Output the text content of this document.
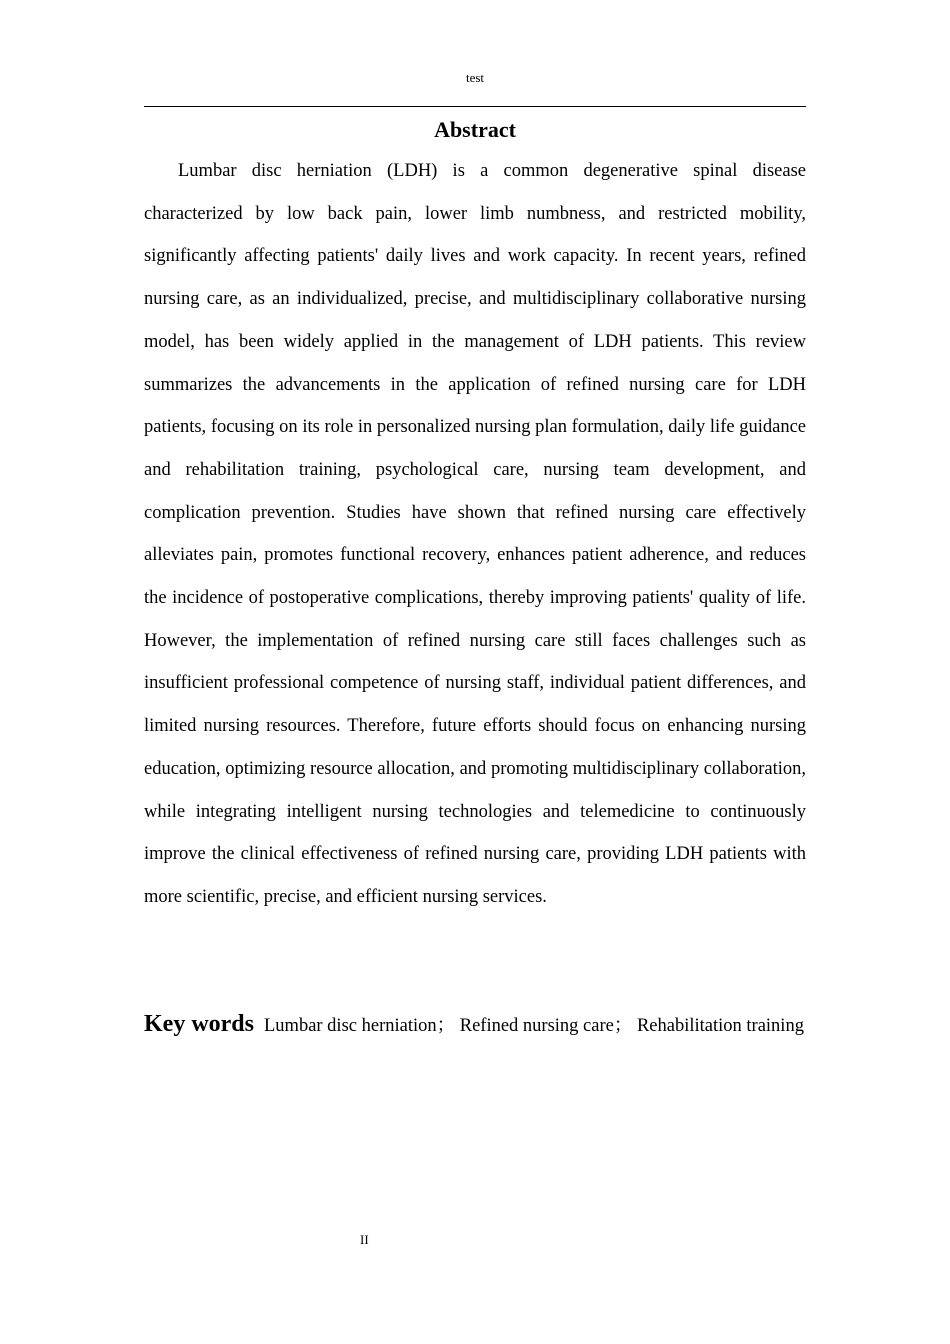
test
Abstract

Lumbar disc herniation (LDH) is a common degenerative spinal disease characterized by low back pain, lower limb numbness, and restricted mobility, significantly affecting patients' daily lives and work capacity. In recent years, refined nursing care, as an individualized, precise, and multidisciplinary collaborative nursing model, has been widely applied in the management of LDH patients. This review summarizes the advancements in the application of refined nursing care for LDH patients, focusing on its role in personalized nursing plan formulation, daily life guidance and rehabilitation training, psychological care, nursing team development, and complication prevention. Studies have shown that refined nursing care effectively alleviates pain, promotes functional recovery, enhances patient adherence, and reduces the incidence of postoperative complications, thereby improving patients' quality of life. However, the implementation of refined nursing care still faces challenges such as insufficient professional competence of nursing staff, individual patient differences, and limited nursing resources. Therefore, future efforts should focus on enhancing nursing education, optimizing resource allocation, and promoting multidisciplinary collaboration, while integrating intelligent nursing technologies and telemedicine to continuously improve the clinical effectiveness of refined nursing care, providing LDH patients with more scientific, precise, and efficient nursing services.

Key words Lumbar disc herniation； Refined nursing care； Rehabilitation training

II
